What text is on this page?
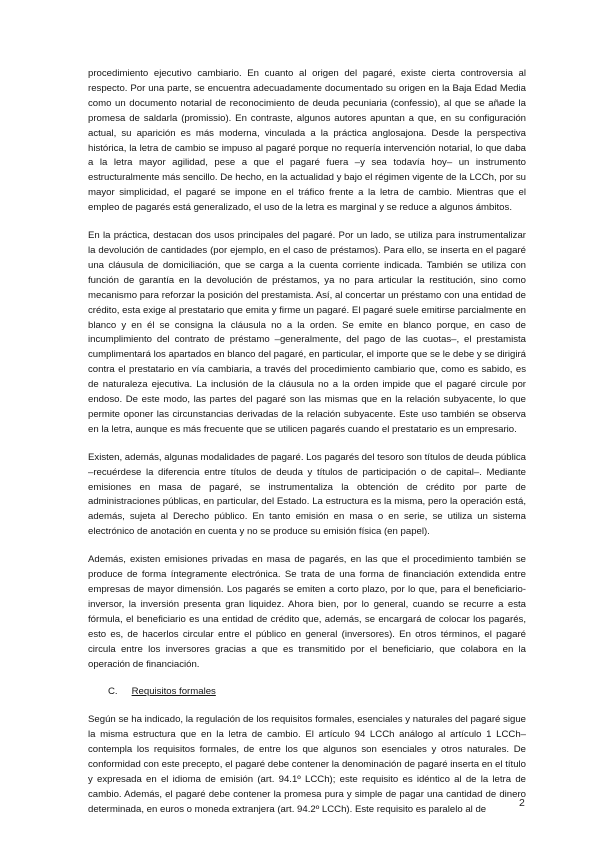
procedimiento ejecutivo cambiario. En cuanto al origen del pagaré, existe cierta controversia al respecto. Por una parte, se encuentra adecuadamente documentado su origen en la Baja Edad Media como un documento notarial de reconocimiento de deuda pecuniaria (confessio), al que se añade la promesa de saldarla (promissio). En contraste, algunos autores apuntan a que, en su configuración actual, su aparición es más moderna, vinculada a la práctica anglosajona. Desde la perspectiva histórica, la letra de cambio se impuso al pagaré porque no requería intervención notarial, lo que daba a la letra mayor agilidad, pese a que el pagaré fuera –y sea todavía hoy– un instrumento estructuralmente más sencillo. De hecho, en la actualidad y bajo el régimen vigente de la LCCh, por su mayor simplicidad, el pagaré se impone en el tráfico frente a la letra de cambio. Mientras que el empleo de pagarés está generalizado, el uso de la letra es marginal y se reduce a algunos ámbitos.

En la práctica, destacan dos usos principales del pagaré. Por un lado, se utiliza para instrumentalizar la devolución de cantidades (por ejemplo, en el caso de préstamos). Para ello, se inserta en el pagaré una cláusula de domiciliación, que se carga a la cuenta corriente indicada. También se utiliza con función de garantía en la devolución de préstamos, ya no para articular la restitución, sino como mecanismo para reforzar la posición del prestamista. Así, al concertar un préstamo con una entidad de crédito, esta exige al prestatario que emita y firme un pagaré. El pagaré suele emitirse parcialmente en blanco y en él se consigna la cláusula no a la orden. Se emite en blanco porque, en caso de incumplimiento del contrato de préstamo –generalmente, del pago de las cuotas–, el prestamista cumplimentará los apartados en blanco del pagaré, en particular, el importe que se le debe y se dirigirá contra el prestatario en vía cambiaria, a través del procedimiento cambiario que, como es sabido, es de naturaleza ejecutiva. La inclusión de la cláusula no a la orden impide que el pagaré circule por endoso. De este modo, las partes del pagaré son las mismas que en la relación subyacente, lo que permite oponer las circunstancias derivadas de la relación subyacente. Este uso también se observa en la letra, aunque es más frecuente que se utilicen pagarés cuando el prestatario es un empresario.

Existen, además, algunas modalidades de pagaré. Los pagarés del tesoro son títulos de deuda pública –recuérdese la diferencia entre títulos de deuda y títulos de participación o de capital–. Mediante emisiones en masa de pagaré, se instrumentaliza la obtención de crédito por parte de administraciones públicas, en particular, del Estado. La estructura es la misma, pero la operación está, además, sujeta al Derecho público. En tanto emisión en masa o en serie, se utiliza un sistema electrónico de anotación en cuenta y no se produce su emisión física (en papel).

Además, existen emisiones privadas en masa de pagarés, en las que el procedimiento también se produce de forma íntegramente electrónica. Se trata de una forma de financiación extendida entre empresas de mayor dimensión. Los pagarés se emiten a corto plazo, por lo que, para el beneficiario-inversor, la inversión presenta gran liquidez. Ahora bien, por lo general, cuando se recurre a esta fórmula, el beneficiario es una entidad de crédito que, además, se encargará de colocar los pagarés, esto es, de hacerlos circular entre el público en general (inversores). En otros términos, el pagaré circula entre los inversores gracias a que es transmitido por el beneficiario, que colabora en la operación de financiación.

C. Requisitos formales

Según se ha indicado, la regulación de los requisitos formales, esenciales y naturales del pagaré sigue la misma estructura que en la letra de cambio. El artículo 94 LCCh análogo al artículo 1 LCCh–contempla los requisitos formales, de entre los que algunos son esenciales y otros naturales. De conformidad con este precepto, el pagaré debe contener la denominación de pagaré inserta en el título y expresada en el idioma de emisión (art. 94.1º LCCh); este requisito es idéntico al de la letra de cambio. Además, el pagaré debe contener la promesa pura y simple de pagar una cantidad de dinero determinada, en euros o moneda extranjera (art. 94.2º LCCh). Este requisito es paralelo al de

2
